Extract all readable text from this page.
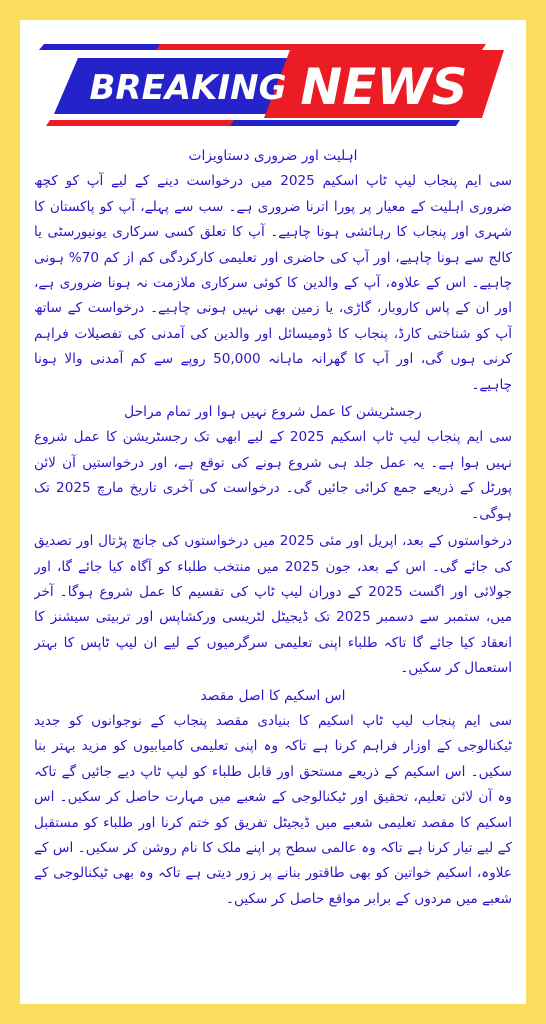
BREAKING NEWS
اہلیت اور ضروری دستاویزات

سی ایم پنجاب لیپ ٹاپ اسکیم 2025 میں درخواست دینے کے لیے آپ کو کچھ ضروری اہلیت کے معیار پر پورا اترنا ضروری ہے۔ سب سے پہلے، آپ کو پاکستان کا شہری اور پنجاب کا رہائشی ہونا چاہیے۔ آپ کا تعلق کسی سرکاری یونیورسٹی یا کالج سے ہونا چاہیے، اور آپ کی حاضری اور تعلیمی کارکردگی کم از کم 70% ہونی چاہیے۔ اس کے علاوہ، آپ کے والدین کا کوئی سرکاری ملازمت نہ ہونا ضروری ہے، اور ان کے پاس کاروبار، گاڑی، یا زمین بھی نہیں ہونی چاہیے۔ درخواست کے ساتھ آپ کو شناختی کارڈ، پنجاب کا ڈومیسائل اور والدین کی آمدنی کی تفصیلات فراہم کرنی ہوں گی، اور آپ کا گھرانہ ماہانہ 50,000 روپے سے کم آمدنی والا ہونا چاہیے۔

رجسٹریشن کا عمل شروع نہیں ہوا اور تمام مراحل

سی ایم پنجاب لیپ ٹاپ اسکیم 2025 کے لیے ابھی تک رجسٹریشن کا عمل شروع نہیں ہوا ہے۔ یہ عمل جلد ہی شروع ہونے کی توقع ہے، اور درخواستیں آن لائن پورٹل کے ذریعے جمع کرائی جائیں گی۔ درخواست کی آخری تاریخ مارچ 2025 تک ہوگی۔

درخواستوں کے بعد، اپریل اور مئی 2025 میں درخواستوں کی جانچ پڑتال اور تصدیق کی جائے گی۔ اس کے بعد، جون 2025 میں منتخب طلباء کو آگاہ کیا جائے گا، اور جولائی اور اگست 2025 کے دوران لیپ ٹاپ کی تقسیم کا عمل شروع ہوگا۔ آخر میں، ستمبر سے دسمبر 2025 تک ڈیجیٹل لٹریسی ورکشاپس اور تربیتی سیشنز کا انعقاد کیا جائے گا تاکہ طلباء اپنی تعلیمی سرگرمیوں کے لیے ان لیپ ٹاپس کا بہتر استعمال کر سکیں۔

اس اسکیم کا اصل مقصد

سی ایم پنجاب لیپ ٹاپ اسکیم کا بنیادی مقصد پنجاب کے نوجوانوں کو جدید ٹیکنالوجی کے اوزار فراہم کرنا ہے تاکہ وہ اپنی تعلیمی کامیابیوں کو مزید بہتر بنا سکیں۔ اس اسکیم کے ذریعے مستحق اور قابل طلباء کو لیپ ٹاپ دیے جائیں گے تاکہ وہ آن لائن تعلیم، تحقیق اور ٹیکنالوجی کے شعبے میں مہارت حاصل کر سکیں۔ اس اسکیم کا مقصد تعلیمی شعبے میں ڈیجیٹل تفریق کو ختم کرنا اور طلباء کو مستقبل کے لیے تیار کرنا ہے تاکہ وہ عالمی سطح پر اپنے ملک کا نام روشن کر سکیں۔ اس کے علاوہ، اسکیم خواتین کو بھی طاقتور بنانے پر زور دیتی ہے تاکہ وہ بھی ٹیکنالوجی کے شعبے میں مردوں کے برابر مواقع حاصل کر سکیں۔
